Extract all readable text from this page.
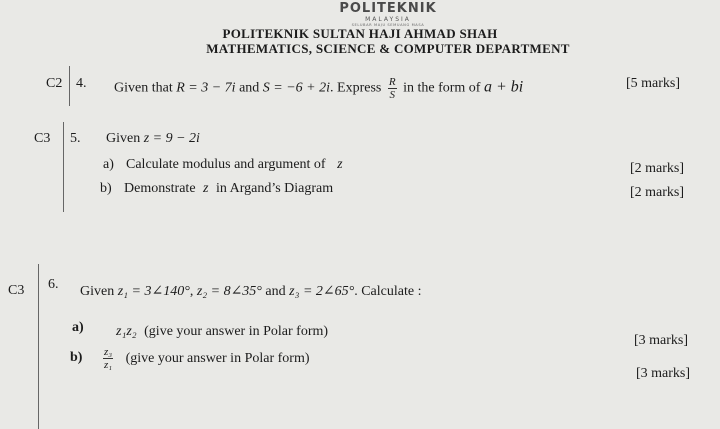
POLITEKNIK
MALAYSIA
SELUBAR MAJU SEMUANG MASA
POLITEKNIK SULTAN HAJI AHMAD SHAH
MATHEMATICS, SCIENCE & COMPUTER DEPARTMENT
C2 4. Given that R = 3 − 7i and S = −6 + 2i. Express $\frac{R}{S}$ in the form of a + bi	[5 marks]
C3 5. Given z = 9 − 2i
a) Calculate modulus and argument of z	[2 marks]
b) Demonstrate z in Argand’s Diagram	[2 marks]
C3 6. Given z₁ = 3∠140°, z₂ = 8∠35° and z₃ = 2∠65°. Calculate :
a) z₁z₂ (give your answer in Polar form)
[3 marks]
$b) \frac{\text{z₃}}{\text{z₁}}$ (give your answer in Polar form)
[3 marks]
